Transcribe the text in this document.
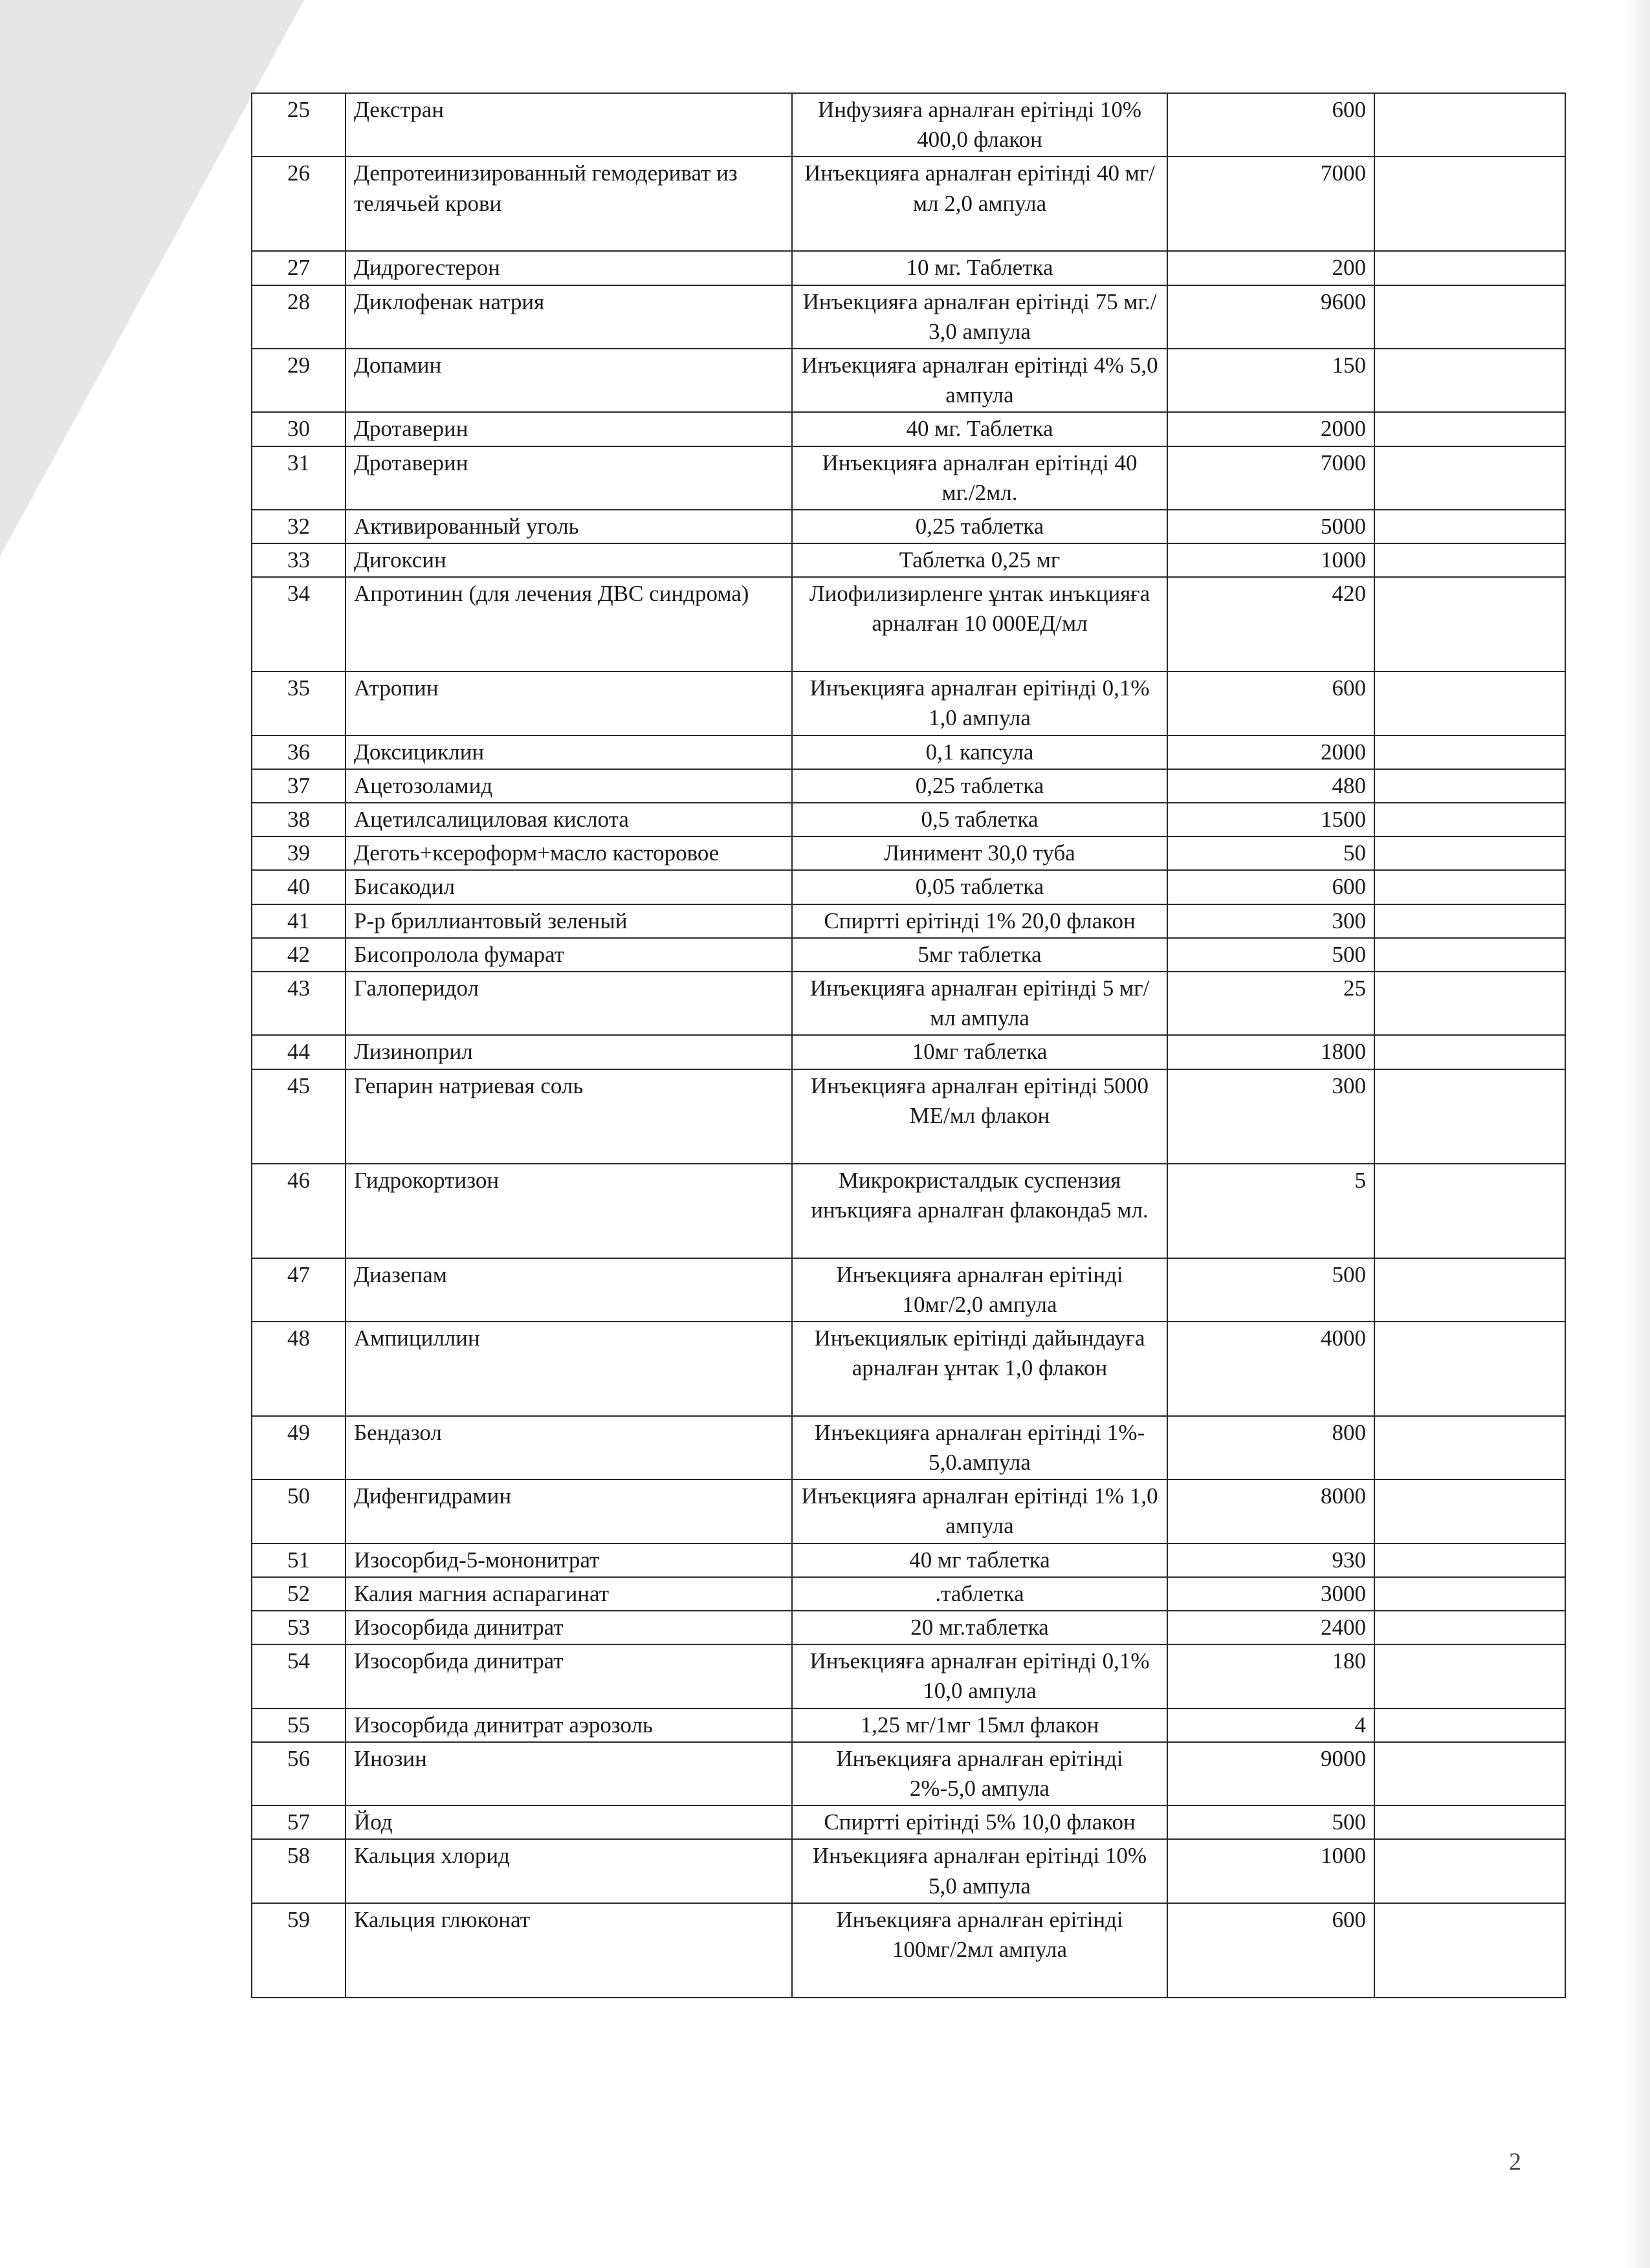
25	Декстран	Инфузияға арналған ерітінді 10% 400,0 флакон	600	
26	Депротеинизированный гемодериват из телячьей крови	Инъекцияға арналған ерітінді 40 мг/мл 2,0 ампула	7000	
27	Дидрогестерон	10 мг. Таблетка	200	
28	Диклофенак натрия	Инъекцияға арналған ерітінді 75 мг./ 3,0 ампула	9600	
29	Допамин	Инъекцияға арналған ерітінді 4% 5,0 ампула	150	
30	Дротаверин	40 мг. Таблетка	2000	
31	Дротаверин	Инъекцияға арналған ерітінді 40 мг./2мл.	7000	
32	Активированный уголь	0,25 таблетка	5000	
33	Дигоксин	Таблетка 0,25 мг	1000	
34	Апротинин (для лечения ДВС синдрома)	Лиофилизирленге ұнтак инъкцияға арналған 10 000ЕД/мл	420	
35	Атропин	Инъекцияға арналған ерітінді 0,1% 1,0 ампула	600	
36	Доксициклин	0,1 капсула	2000	
37	Ацетозоламид	0,25 таблетка	480	
38	Ацетилсалициловая кислота	0,5 таблетка	1500	
39	Деготь+ксероформ+масло касторовое	Линимент 30,0 туба	50	
40	Бисакодил	0,05 таблетка	600	
41	Р-р бриллиантовый зеленый	Спиртті ерітінді 1% 20,0 флакон	300	
42	Бисопролола фумарат	5мг таблетка	500	
43	Галоперидол	Инъекцияға арналған ерітінді 5 мг/мл ампула	25	
44	Лизиноприл	10мг таблетка	1800	
45	Гепарин натриевая соль	Инъекцияға арналған ерітінді 5000 МЕ/мл флакон	300	
46	Гидрокортизон	Микрокристалдык суспензия инъкцияға арналған флаконда5 мл.	5	
47	Диазепам	Инъекцияға арналған ерітінді 10мг/2,0 ампула	500	
48	Ампициллин	Инъекциялык ерітінді дайындауға арналған ұнтак 1,0 флакон	4000	
49	Бендазол	Инъекцияға арналған ерітінді 1%- 5,0.ампула	800	
50	Дифенгидрамин	Инъекцияға арналған ерітінді 1% 1,0 ампула	8000	
51	Изосорбид-5-мононитрат	40 мг таблетка	930	
52	Калия магния аспарагинат	.таблетка	3000	
53	Изосорбида динитрат	20 мг.таблетка	2400	
54	Изосорбида динитрат	Инъекцияға арналған ерітінді 0,1% 10,0 ампула	180	
55	Изосорбида динитрат аэрозоль	1,25 мг/1мг 15мл флакон	4	
56	Инозин	Инъекцияға арналған ерітінді 2%-5,0 ампула	9000	
57	Йод	Спиртті ерітінді 5% 10,0 флакон	500	
58	Кальция хлорид	Инъекцияға арналған ерітінді 10% 5,0 ампула	1000	
59	Кальция глюконат	Инъекцияға арналған ерітінді 100мг/2мл ампула	600	
2
